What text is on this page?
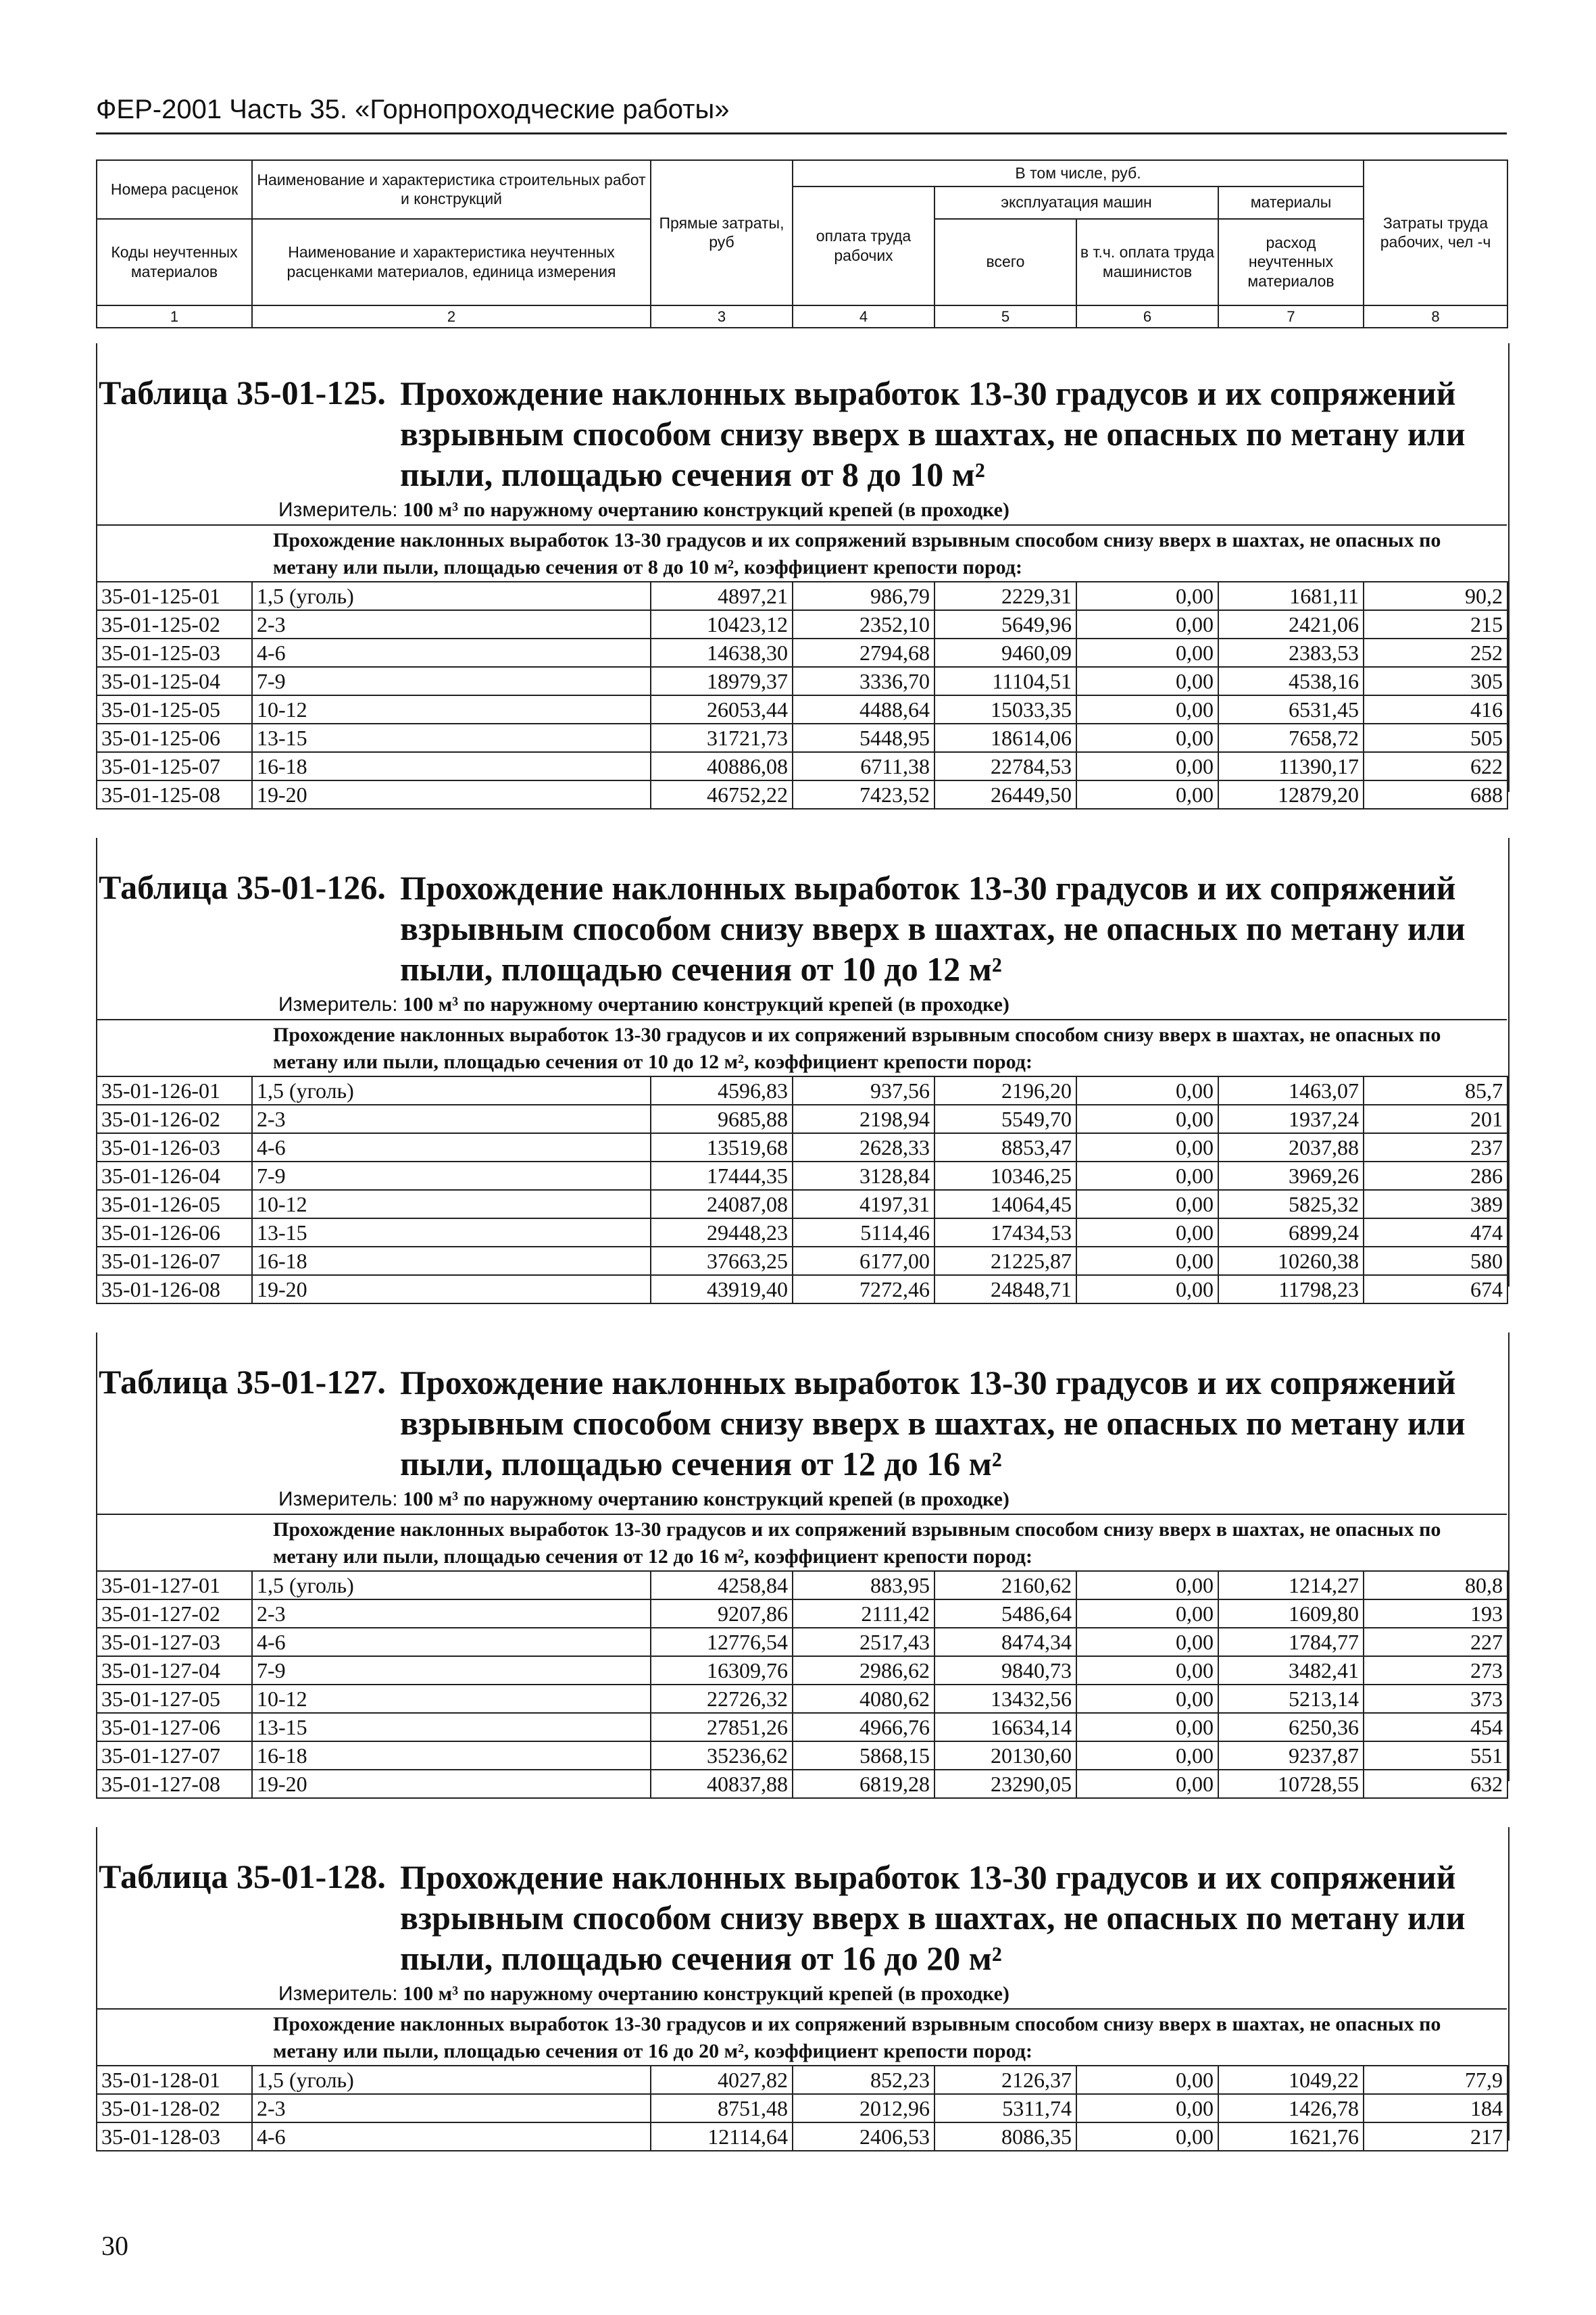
ФЕР-2001 Часть 35. «Горнопроходческие работы»
Номера расценок	Наименование и характеристика строительных работ и конструкций	Прямые затраты, руб	В том числе, руб.				Затраты труда рабочих, чел -ч
			оплата труда рабочих	эксплуатация машин		материалы	
Коды неучтенных материалов	Наименование и характеристика неучтенных расценками материалов, единица измерения			всего	в т.ч. оплата труда машинистов	расход неучтенных материалов	

1	2	3	4	5	6	7	8
Таблица 35-01-125. Прохождение наклонных выработок 13-30 градусов и их сопряжений взрывным способом снизу вверх в шахтах, не опасных по метану или пыли, площадью сечения от 8 до 10 м²
Измеритель: 100 м³ по наружному очертанию конструкций крепей (в проходке)
Прохождение наклонных выработок 13-30 градусов и их сопряжений взрывным способом снизу вверх в шахтах, не опасных по метану или пыли, площадью сечения от 8 до 10 м², коэффициент крепости пород:
35-01-125-01	1,5 (уголь)	4897,21	986,79	2229,31	0,00	1681,11	90,2
35-01-125-02	2-3	10423,12	2352,10	5649,96	0,00	2421,06	215
35-01-125-03	4-6	14638,30	2794,68	9460,09	0,00	2383,53	252
35-01-125-04	7-9	18979,37	3336,70	11104,51	0,00	4538,16	305
35-01-125-05	10-12	26053,44	4488,64	15033,35	0,00	6531,45	416
35-01-125-06	13-15	31721,73	5448,95	18614,06	0,00	7658,72	505
35-01-125-07	16-18	40886,08	6711,38	22784,53	0,00	11390,17	622
35-01-125-08	19-20	46752,22	7423,52	26449,50	0,00	12879,20	688
Таблица 35-01-126. Прохождение наклонных выработок 13-30 градусов и их сопряжений взрывным способом снизу вверх в шахтах, не опасных по метану или пыли, площадью сечения от 10 до 12 м²
Измеритель: 100 м³ по наружному очертанию конструкций крепей (в проходке)
Прохождение наклонных выработок 13-30 градусов и их сопряжений взрывным способом снизу вверх в шахтах, не опасных по метану или пыли, площадью сечения от 10 до 12 м², коэффициент крепости пород:
35-01-126-01	1,5 (уголь)	4596,83	937,56	2196,20	0,00	1463,07	85,7
35-01-126-02	2-3	9685,88	2198,94	5549,70	0,00	1937,24	201
35-01-126-03	4-6	13519,68	2628,33	8853,47	0,00	2037,88	237
35-01-126-04	7-9	17444,35	3128,84	10346,25	0,00	3969,26	286
35-01-126-05	10-12	24087,08	4197,31	14064,45	0,00	5825,32	389
35-01-126-06	13-15	29448,23	5114,46	17434,53	0,00	6899,24	474
35-01-126-07	16-18	37663,25	6177,00	21225,87	0,00	10260,38	580
35-01-126-08	19-20	43919,40	7272,46	24848,71	0,00	11798,23	674
Таблица 35-01-127. Прохождение наклонных выработок 13-30 градусов и их сопряжений взрывным способом снизу вверх в шахтах, не опасных по метану или пыли, площадью сечения от 12 до 16 м²
Измеритель: 100 м³ по наружному очертанию конструкций крепей (в проходке)
Прохождение наклонных выработок 13-30 градусов и их сопряжений взрывным способом снизу вверх в шахтах, не опасных по метану или пыли, площадью сечения от 12 до 16 м², коэффициент крепости пород:
35-01-127-01	1,5 (уголь)	4258,84	883,95	2160,62	0,00	1214,27	80,8
35-01-127-02	2-3	9207,86	2111,42	5486,64	0,00	1609,80	193
35-01-127-03	4-6	12776,54	2517,43	8474,34	0,00	1784,77	227
35-01-127-04	7-9	16309,76	2986,62	9840,73	0,00	3482,41	273
35-01-127-05	10-12	22726,32	4080,62	13432,56	0,00	5213,14	373
35-01-127-06	13-15	27851,26	4966,76	16634,14	0,00	6250,36	454
35-01-127-07	16-18	35236,62	5868,15	20130,60	0,00	9237,87	551
35-01-127-08	19-20	40837,88	6819,28	23290,05	0,00	10728,55	632
Таблица 35-01-128. Прохождение наклонных выработок 13-30 градусов и их сопряжений взрывным способом снизу вверх в шахтах, не опасных по метану или пыли, площадью сечения от 16 до 20 м²
Измеритель: 100 м³ по наружному очертанию конструкций крепей (в проходке)
Прохождение наклонных выработок 13-30 градусов и их сопряжений взрывным способом снизу вверх в шахтах, не опасных по метану или пыли, площадью сечения от 16 до 20 м², коэффициент крепости пород:
35-01-128-01	1,5 (уголь)	4027,82	852,23	2126,37	0,00	1049,22	77,9
35-01-128-02	2-3	8751,48	2012,96	5311,74	0,00	1426,78	184
35-01-128-03	4-6	12114,64	2406,53	8086,35	0,00	1621,76	217
30
